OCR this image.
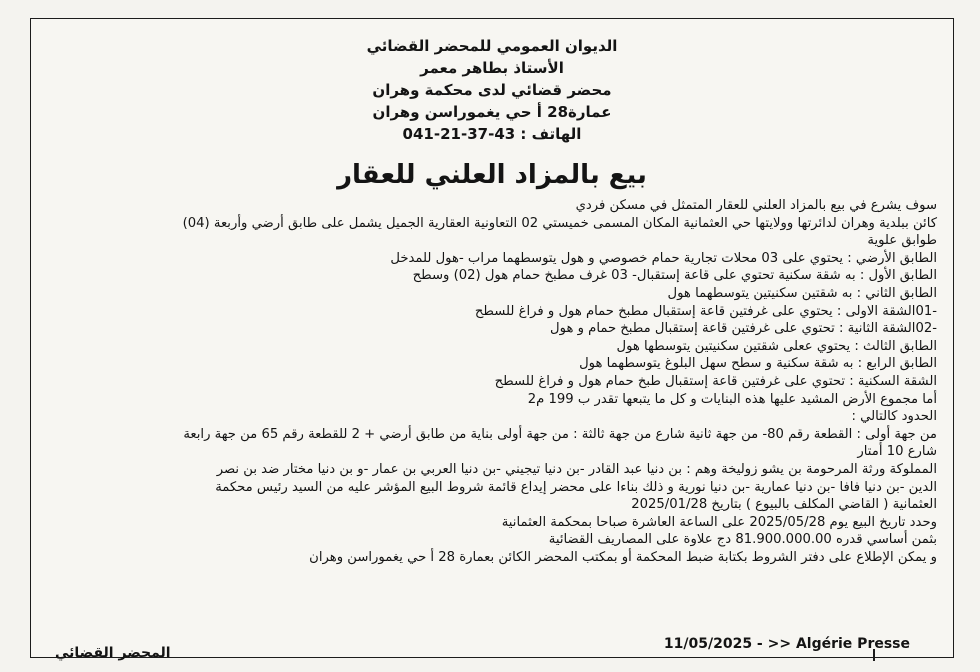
الديوان العمومي للمحضر القضائي

الأستاذ بطاهر معمر

محضر قضائي لدى محكمة وهران

عمارة28 أ حي يغموراسن وهران

الهاتف : 43-37-21-041

بيع بالمزاد العلني للعقار

سوف يشرع في بيع بالمزاد العلني للعقار المتمثل في مسكن فردي

كائن ببلدية وهران لدائرتها وولايتها حي العثمانية المكان المسمى خميستي 02 التعاونية العقارية الجميل يشمل على طابق أرضي وأربعة (04)

طوابق علوية

الطابق الأرضي : يحتوي على 03 محلات تجارية حمام خصوصي و هول يتوسطهما مراب -هول للمدخل

الطابق الأول : به شقة سكنية تحتوي على قاعة إستقبال- 03 غرف مطبخ حمام هول (02) وسطح

الطابق الثاني : به شقتين سكنيتين يتوسطهما هول

-01الشقة الاولى : يحتوي على غرفتين قاعة إستقبال مطبخ حمام هول و فراغ للسطح

-02الشقة الثانية : تحتوي على غرفتين قاعة إستقبال مطبخ حمام و هول

الطابق الثالث : يحتوي ععلى شقتين سكنيتين يتوسطها هول

الطابق الرابع : به شقة سكنية و سطح سهل البلوغ يتوسطهما هول

الشقة السكنية : تحتوي على غرفتين قاعة إستقبال طبخ حمام هول و فراغ للسطح

أما مجموع الأرض المشيد عليها هذه البنايات و كل ما يتبعها تقدر ب 199 م2

الحدود كالتالي :

من جهة أولى : القطعة رقم 80- من جهة ثانية شارع من جهة ثالثة : من جهة أولى بناية من طابق أرضي + 2 للقطعة رقم 65 من جهة رابعة

شارع 10 أمتار

المملوكة ورثة المرحومة بن يشو زوليخة وهم : بن دنيا عبد القادر -بن دنيا تيجيني -بن دنيا العربي بن عمار -و بن دنيا مختار ضد بن نصر

الدين -بن دنيا فافا -بن دنيا عمارية -بن دنيا نورية و ذلك بناءا على محضر إيداع قائمة شروط البيع المؤشر عليه من السيد رئيس محكمة

العثمانية ( القاضي المكلف بالبيوع ) بتاريخ 2025/01/28

وحدد تاريخ البيع يوم 2025/05/28 على الساعة العاشرة صباحا بمحكمة العثمانية

بثمن أساسي قدره 81.900.000.00 دج علاوة على المصاريف القضائية

و يمكن الإطلاع على دفتر الشروط بكتابة ضبط المحكمة أو بمكتب المحضر الكائن بعمارة 28 أ حي يغموراسن وهران

المحضر القضائي
11/05/2025 - >> Algérie Presse
